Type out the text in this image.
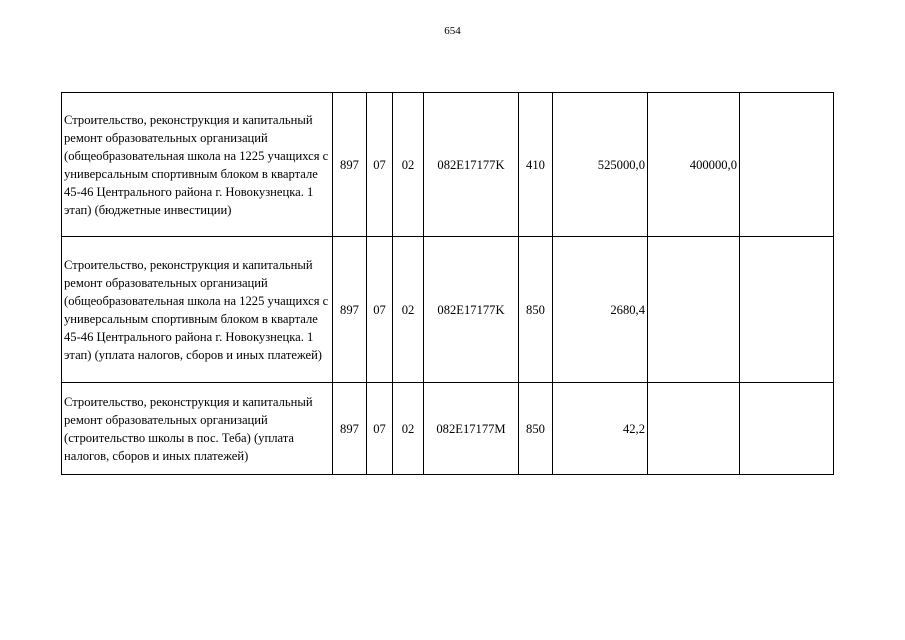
654
Строительство, реконструкция и капитальный ремонт образовательных организаций (общеобразовательная школа на 1225 учащихся с универсальным спортивным блоком в квартале 45-46 Центрального района г. Новокузнецка. 1 этап) (бюджетные инвестиции)	897	07	02	082E17177K	410	525000,0	400000,0	
Строительство, реконструкция и капитальный ремонт образовательных организаций (общеобразовательная школа на 1225 учащихся с универсальным спортивным блоком в квартале 45-46 Центрального района г. Новокузнецка. 1 этап) (уплата налогов, сборов и иных платежей)	897	07	02	082E17177K	850	2680,4		
Строительство, реконструкция и капитальный ремонт образовательных организаций (строительство школы в пос. Теба) (уплата налогов, сборов и иных платежей)	897	07	02	082E17177M	850	42,2		
